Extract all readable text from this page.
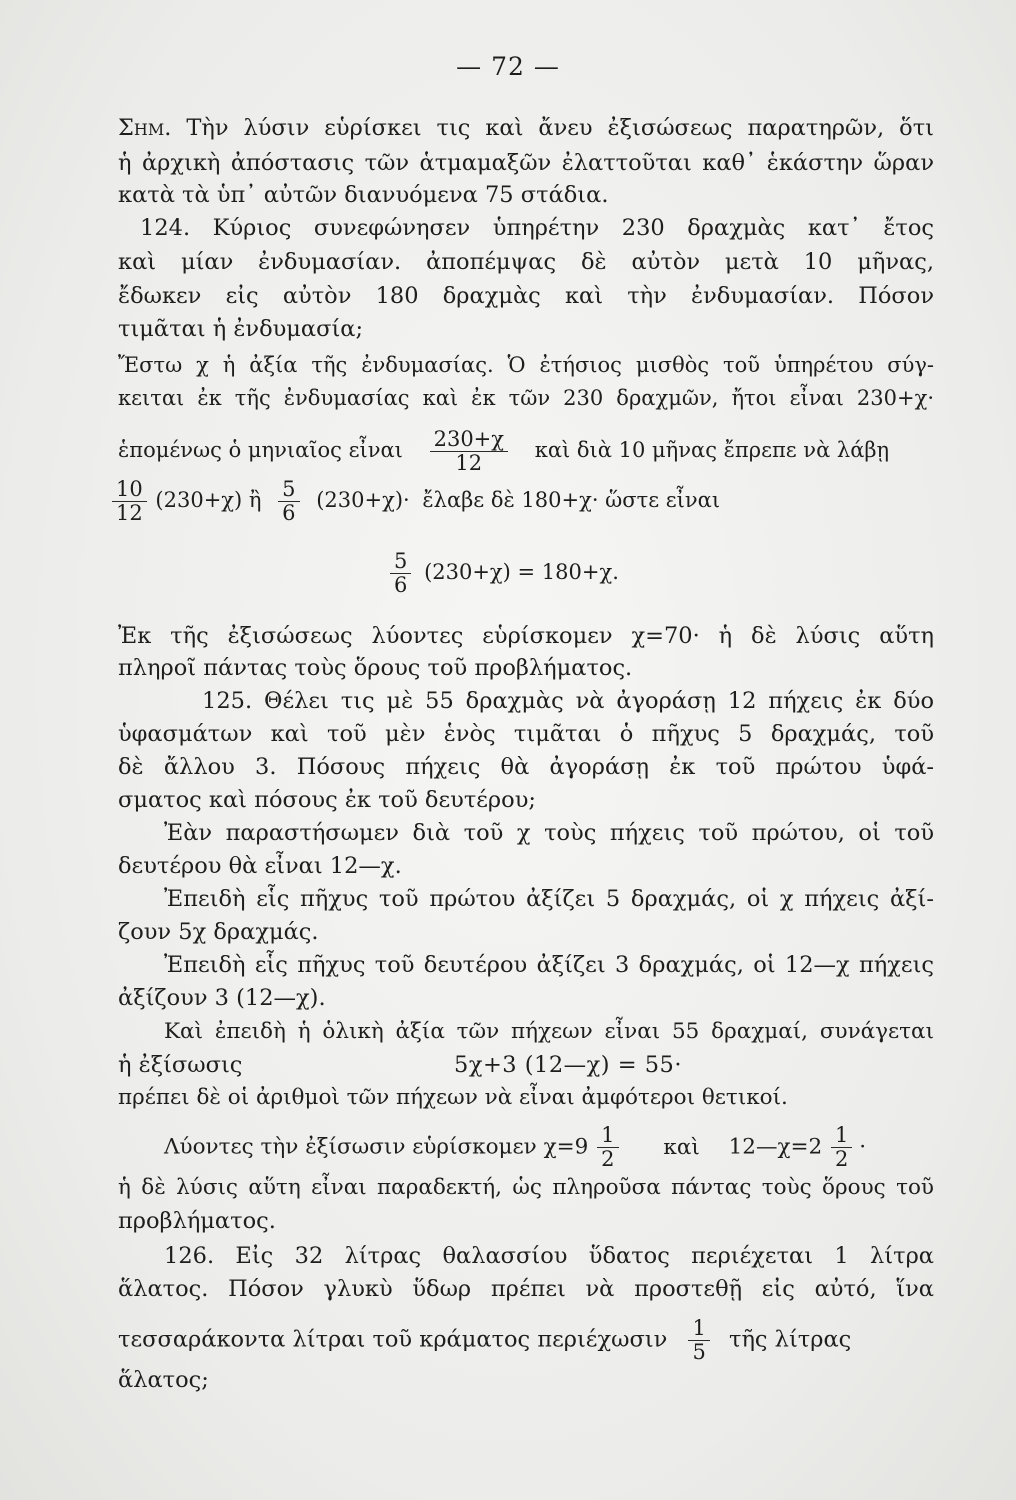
— 72 —
Σημ. Τὴν λύσιν εὑρίσκει τις καὶ ἄνευ ἐξισώσεως παρατηρῶν, ὅτι
ἡ ἀρχικὴ ἀπόστασις τῶν ἁτμαμαξῶν ἐλαττοῦται καθ᾽ ἑκάστην ὥραν
κατὰ τὰ ὑπ᾽ αὐτῶν διανυόμενα 75 στάδια.
124. Κύριος συνεφώνησεν ὑπηρέτην 230 δραχμὰς κατ᾽ ἔτος
καὶ μίαν ἐνδυμασίαν. ἀποπέμψας δὲ αὐτὸν μετὰ 10 μῆνας,
ἔδωκεν εἰς αὐτὸν 180 δραχμὰς καὶ τὴν ἐνδυμασίαν. Πόσον
τιμᾶται ἡ ἐνδυμασία;
Ἔστω χ ἡ ἀξία τῆς ἐνδυμασίας. Ὁ ἐτήσιος μισθὸς τοῦ ὑπηρέτου σύγ-
κειται ἐκ τῆς ἐνδυμασίας καὶ ἐκ τῶν 230 δραχμῶν, ἤτοι εἶναι 230+χ·
ἑπομένως ὁ μηνιαῖος εἶναι $\frac{230+\chi}{12}$ καὶ διὰ 10 μῆνας ἔπρεπε νὰ λάβῃ
$\frac{10}{12} (230+\chi)$ ἢ $\frac{5}{6} (230+\chi)\cdot$ ἔλαβε δὲ 180+χ· ὥστε εἶναι
$\frac{5}{6} (230+\chi) = 180+\chi$.
Ἐκ τῆς ἐξισώσεως λύοντες εὑρίσκομεν χ=70· ἡ δὲ λύσις αὕτη
πληροῖ πάντας τοὺς ὅρους τοῦ προβλήματος.
125. Θέλει τις μὲ 55 δραχμὰς νὰ ἀγοράσῃ 12 πήχεις ἐκ δύο
ὑφασμάτων καὶ τοῦ μὲν ἑνὸς τιμᾶται ὁ πῆχυς 5 δραχμάς, τοῦ
δὲ ἄλλου 3. Πόσους πήχεις θὰ ἀγοράσῃ ἐκ τοῦ πρώτου ὑφά-
σματος καὶ πόσους ἐκ τοῦ δευτέρου;
Ἐὰν παραστήσωμεν διὰ τοῦ χ τοὺς πήχεις τοῦ πρώτου, οἱ τοῦ
δευτέρου θὰ εἶναι 12—χ.
Ἐπειδὴ εἷς πῆχυς τοῦ πρώτου ἀξίζει 5 δραχμάς, οἱ χ πήχεις ἀξί-
ζουν 5χ δραχμάς.
Ἐπειδὴ εἷς πῆχυς τοῦ δευτέρου ἀξίζει 3 δραχμάς, οἱ 12—χ πήχεις
ἀξίζουν 3 (12—χ).
Καὶ ἐπειδὴ ἡ ὁλικὴ ἀξία τῶν πήχεων εἶναι 55 δραχμαί, συνάγεται
ἡ ἐξίσωσις	5χ+3 (12—χ) = 55·
πρέπει δὲ οἱ ἀριθμοὶ τῶν πήχεων νὰ εἶναι ἀμφότεροι θετικοί.
Λύοντες τὴν ἐξίσωσιν εὑρίσκομεν $\chi=9 \frac{1}{2}$ καὶ 12—χ=2 $\frac{1}{2}$ ·
ἡ δὲ λύσις αὕτη εἶναι παραδεκτή, ὡς πληροῦσα πάντας τοὺς ὅρους τοῦ
προβλήματος.
126. Εἰς 32 λίτρας θαλασσίου ὕδατος περιέχεται 1 λίτρα
ἅλατος. Πόσον γλυκὺ ὕδωρ πρέπει νὰ προστεθῇ εἰς αὐτό, ἵνα
τεσσαράκοντα λίτραι τοῦ κράματος περιέχωσιν $\frac{1}{5}$ τῆς λίτρας
ἅλατος;
